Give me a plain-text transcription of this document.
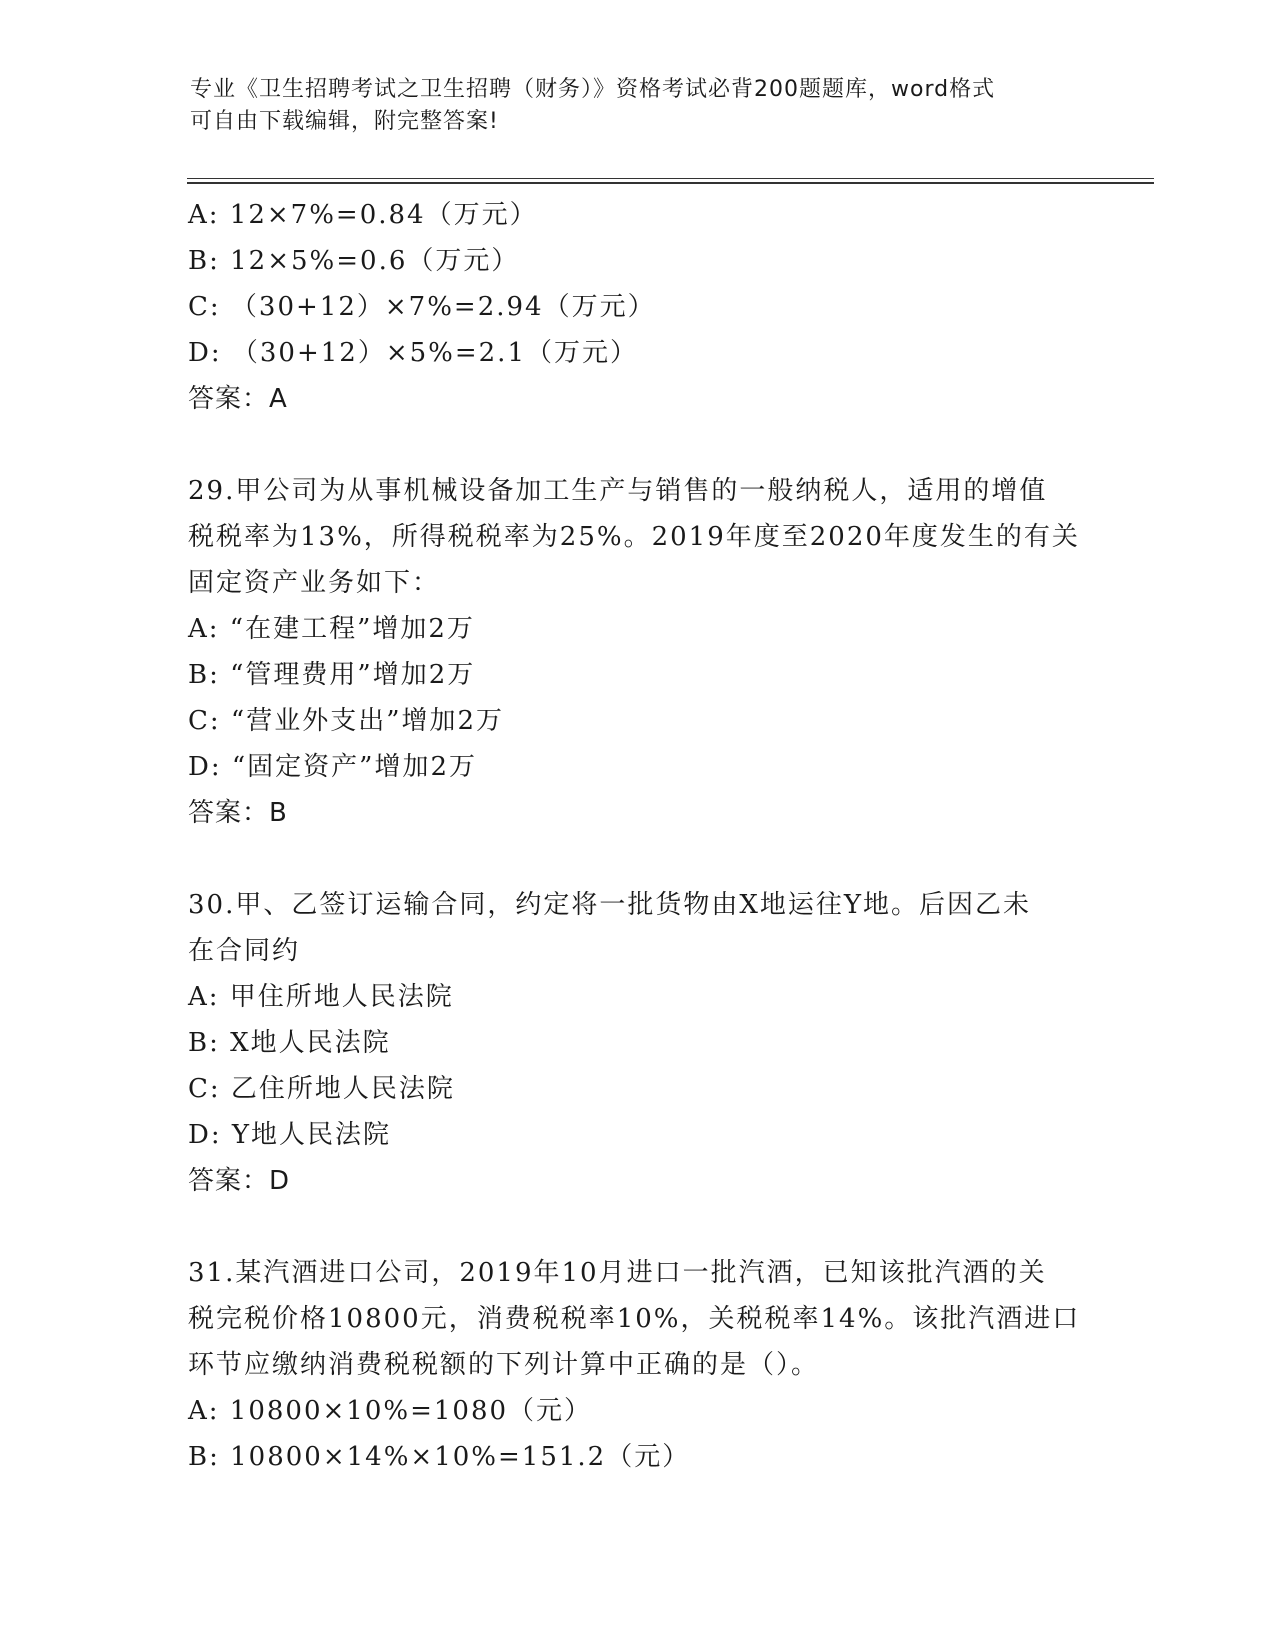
专业《卫生招聘考试之卫生招聘（财务）》资格考试必背200题题库，word格式
可自由下载编辑，附完整答案!
A: 12×7%=0.84（万元）
B: 12×5%=0.6（万元）
C: （30+12）×7%=2.94（万元）
D: （30+12）×5%=2.1（万元）
答案：A
29.甲公司为从事机械设备加工生产与销售的一般纳税人，适用的增值
税税率为13%，所得税税率为25%。2019年度至2020年度发生的有关
固定资产业务如下：
A: “在建工程”增加2万
B: “管理费用”增加2万
C: “营业外支出”增加2万
D: “固定资产”增加2万
答案：B
30.甲、乙签订运输合同，约定将一批货物由X地运往Y地。后因乙未
在合同约
A: 甲住所地人民法院
B: X地人民法院
C: 乙住所地人民法院
D: Y地人民法院
答案：D
31.某汽酒进口公司，2019年10月进口一批汽酒，已知该批汽酒的关
税完税价格10800元，消费税税率10%，关税税率14%。该批汽酒进口
环节应缴纳消费税税额的下列计算中正确的是（）。
A: 10800×10%=1080（元）
B: 10800×14%×10%=151.2（元）
